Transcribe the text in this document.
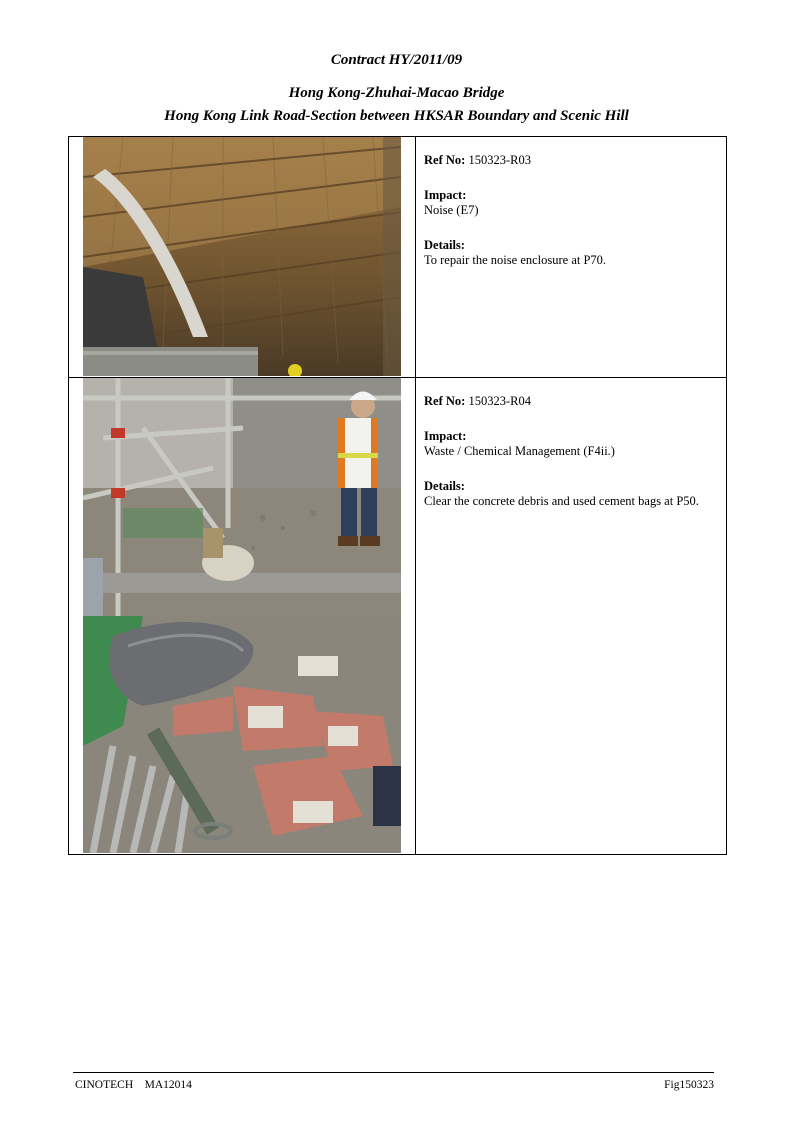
Contract HY/2011/09
Hong Kong-Zhuhai-Macao Bridge
Hong Kong Link Road-Section between HKSAR Boundary and Scenic Hill
Ref No: 150323-R03
Impact:
Noise (E7)
Details:
To repair the noise enclosure at P70.
Ref No: 150323-R04
Impact:
Waste / Chemical Management (F4ii.)
Details:
Clear the concrete debris and used cement bags at P50.
CINOTECH    MA12014	Fig150323
